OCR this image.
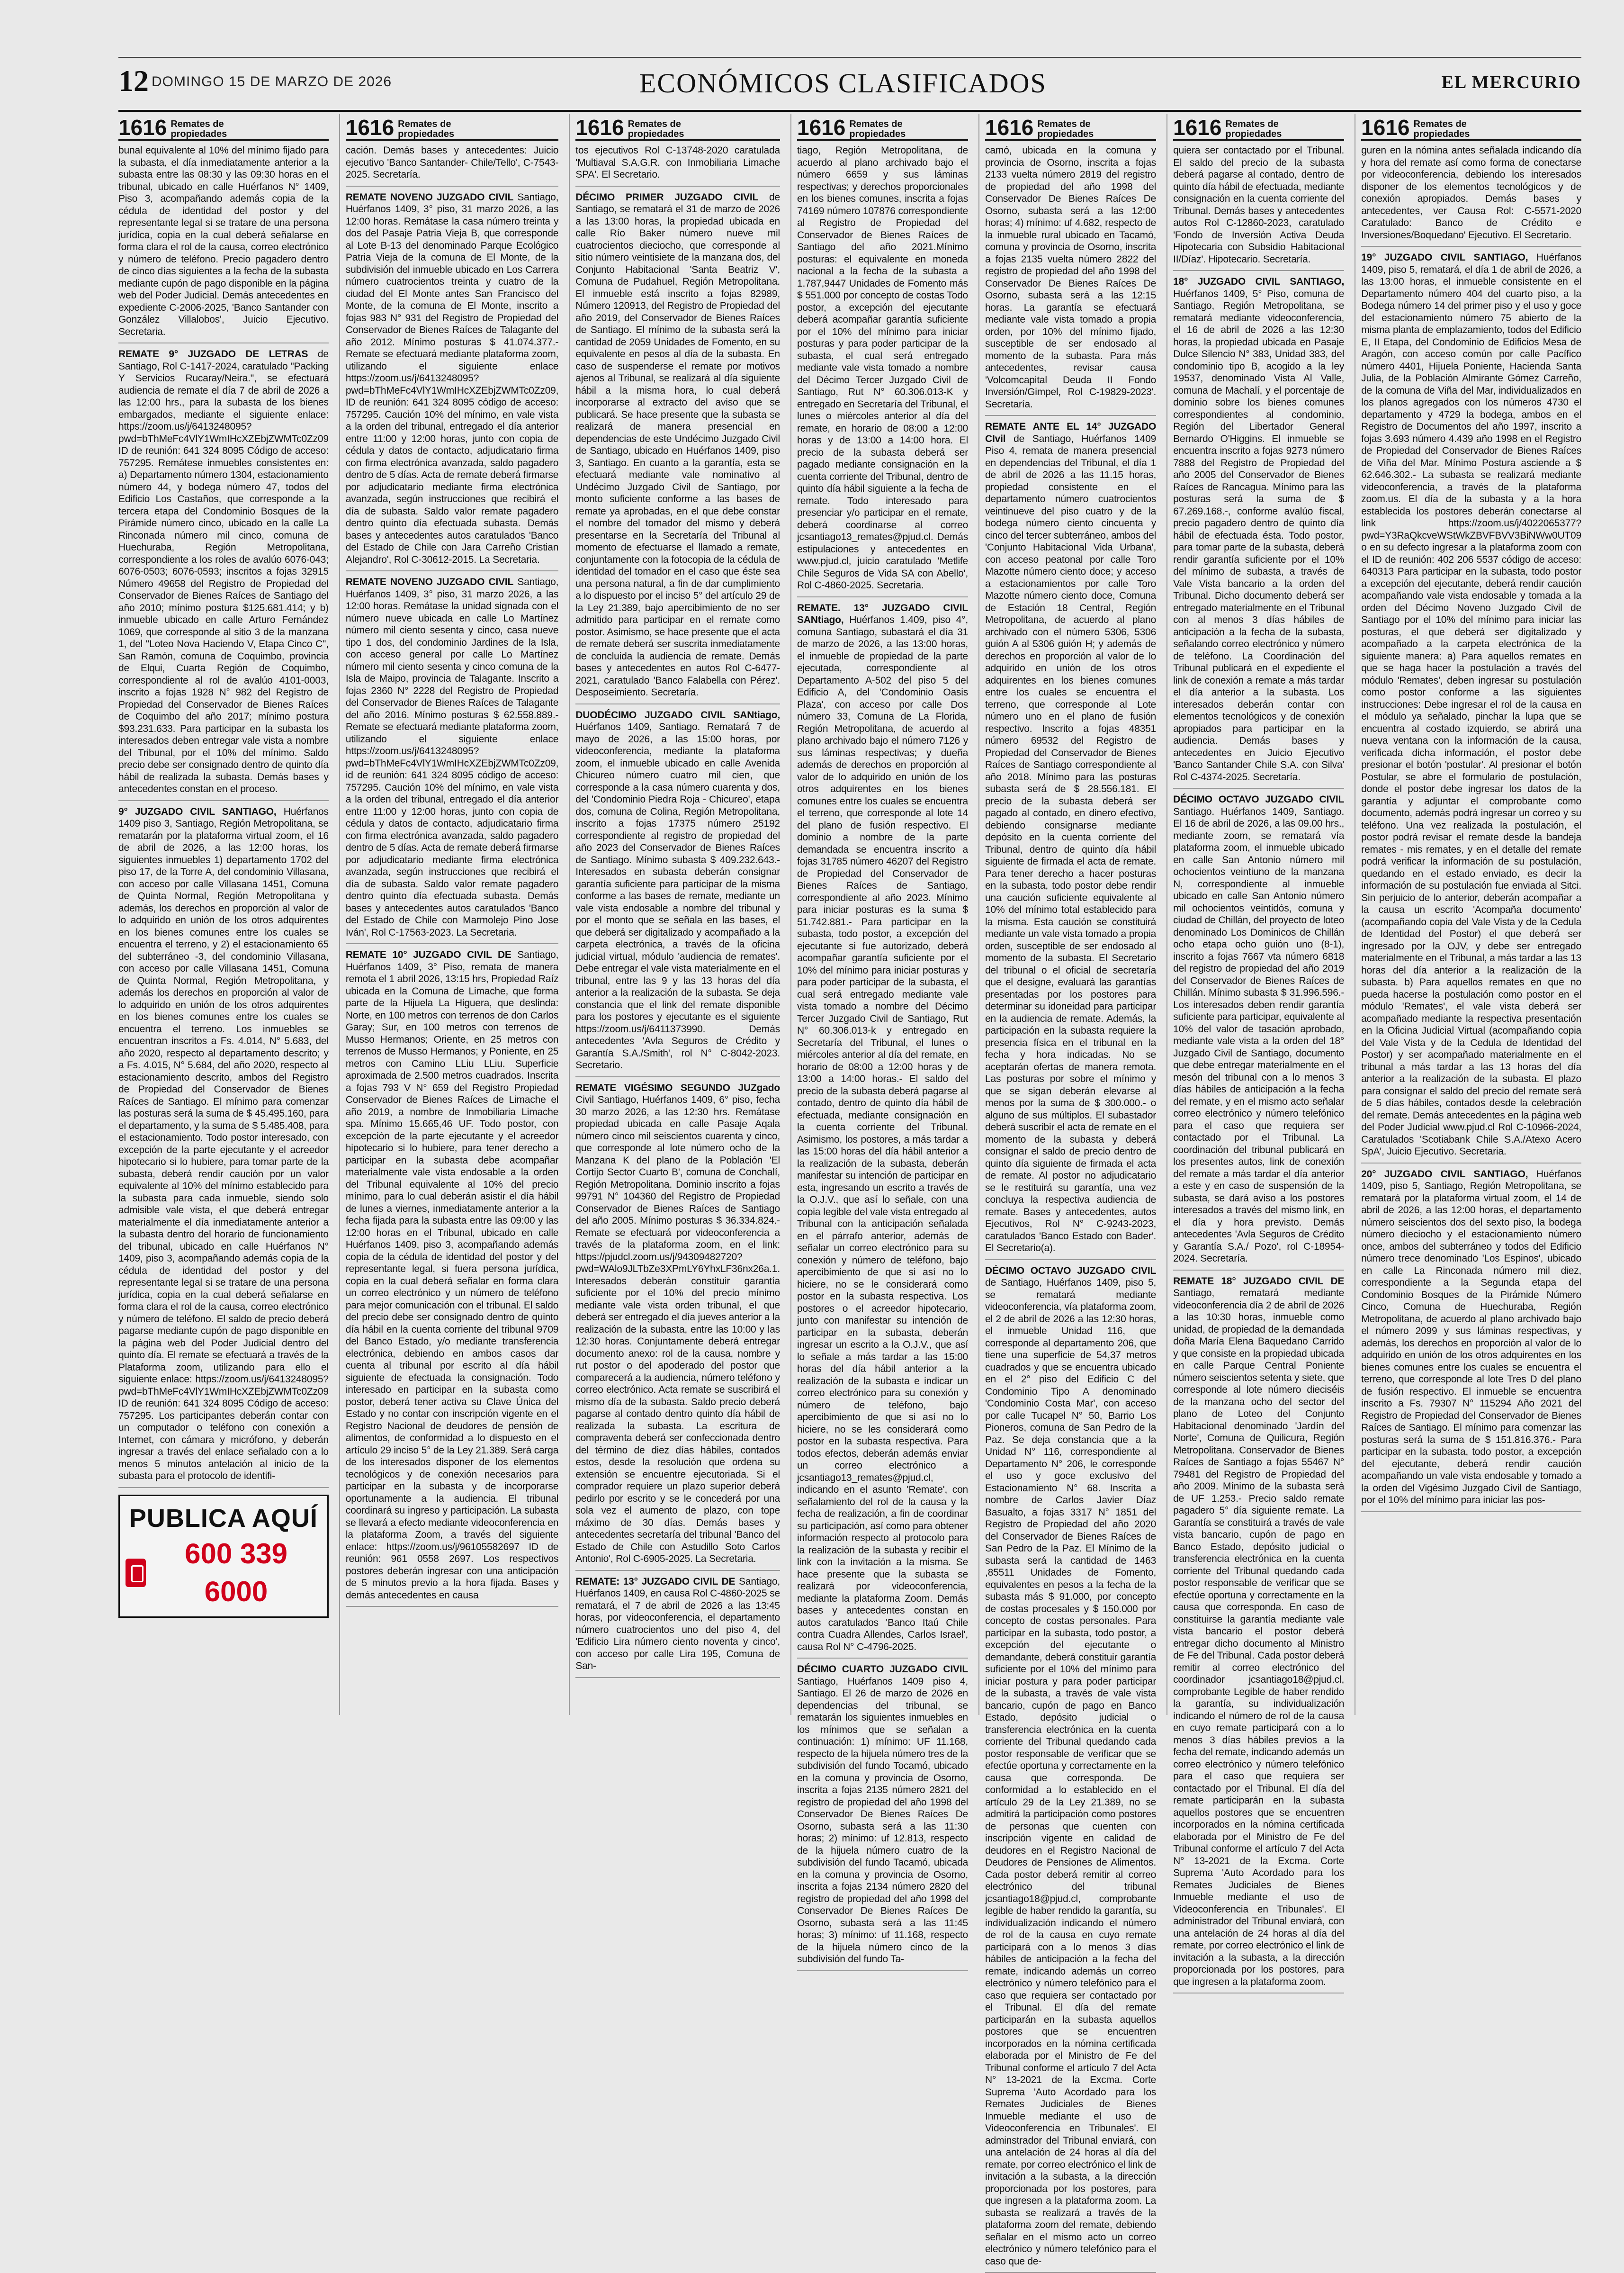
12 DOMINGO 15 DE MARZO DE 2026	ECONÓMICOS CLASIFICADOS	EL MERCURIO
1616 Remates de propiedades

bunal equivalente al 10% del mínimo fijado para la subasta, el día inmediatamente anterior a la subasta entre las 08:30 y las 09:30 horas en el tribunal, ubicado en calle Huérfanos N° 1409, Piso 3, acompañando además copia de la cédula de identidad del postor y del representante legal si se tratare de una persona jurídica, copia en la cual deberá señalarse en forma clara el rol de la causa, correo electrónico y número de teléfono. Precio pagadero dentro de cinco días siguientes a la fecha de la subasta mediante cupón de pago disponible en la página web del Poder Judicial. Demás antecedentes en expediente C-2006-2025, 'Banco Santander con González Villalobos', Juicio Ejecutivo. Secretaria.

REMATE 9° JUZGADO DE LETRAS de Santiago, Rol C-1417-2024, caratulado "Packing Y Servicios Rucaray/Neira.", se efectuará audiencia de remate el día 7 de abril de 2026 a las 12:00 hrs., para la subasta de los bienes embargados, mediante el siguiente enlace: https://zoom.us/j/6413248095?pwd=bThMeFc4VlY1WmIHcXZEbjZWMTc0Zz09 ID de reunión: 641 324 8095 Código de acceso: 757295. Remátese inmuebles consistentes en: a) Departamento número 1304, estacionamiento número 44, y bodega número 47, todos del Edificio Los Castaños, que corresponde a la tercera etapa del Condominio Bosques de la Pirámide número cinco, ubicado en la calle La Rinconada número mil cinco, comuna de Huechuraba, Región Metropolitana, correspondiente a los roles de avalúo 6076-043; 6076-0503; 6076-0593; inscritos a fojas 32915 Número 49658 del Registro de Propiedad del Conservador de Bienes Raíces de Santiago del año 2010; mínimo postura $125.681.414; y b) inmueble ubicado en calle Arturo Fernández 1069, que corresponde al sitio 3 de la manzana 1, del "Loteo Nova Haciendo V, Etapa Cinco C", San Ramón, comuna de Coquimbo, provincia de Elqui, Cuarta Región de Coquimbo, correspondiente al rol de avalúo 4101-0003, inscrito a fojas 1928 N° 982 del Registro de Propiedad del Conservador de Bienes Raíces de Coquimbo del año 2017; mínimo postura $93.231.633. Para participar en la subasta los interesados deben entregar vale vista a nombre del Tribunal, por el 10% del mínimo. Saldo precio debe ser consignado dentro de quinto día hábil de realizada la subasta. Demás bases y antecedentes constan en el proceso.

9° JUZGADO CIVIL SANTIAGO, Huérfanos 1409 piso 3, Santiago, Región Metropolitana, se rematarán por la plataforma virtual zoom, el 16 de abril de 2026, a las 12:00 horas, los siguientes inmuebles 1) departamento 1702 del piso 17, de la Torre A, del condominio Villasana, con acceso por calle Villasana 1451, Comuna de Quinta Normal, Región Metropolitana y además, los derechos en proporción al valor de lo adquirido en unión de los otros adquirentes en los bienes comunes entre los cuales se encuentra el terreno, y 2) el estacionamiento 65 del subterráneo -3, del condominio Villasana, con acceso por calle Villasana 1451, Comuna de Quinta Normal, Región Metropolitana, y además los derechos en proporción al valor de lo adquirido en unión de los otros adquirentes en los bienes comunes entre los cuales se encuentra el terreno. Los inmuebles se encuentran inscritos a Fs. 4.014, N° 5.683, del año 2020, respecto al departamento descrito; y a Fs. 4.015, N° 5.684, del año 2020, respecto al estacionamiento descrito, ambos del Registro de Propiedad del Conservador de Bienes Raíces de Santiago. El mínimo para comenzar las posturas será la suma de $ 45.495.160, para el departamento, y la suma de $ 5.485.408, para el estacionamiento. Todo postor interesado, con excepción de la parte ejecutante y el acreedor hipotecario si lo hubiere, para tomar parte de la subasta, deberá rendir caución por un valor equivalente al 10% del mínimo establecido para la subasta para cada inmueble, siendo solo admisible vale vista, el que deberá entregar materialmente el día inmediatamente anterior a la subasta dentro del horario de funcionamiento del tribunal, ubicado en calle Huérfanos N° 1409, piso 3, acompañando además copia de la cédula de identidad del postor y del representante legal si se tratare de una persona jurídica, copia en la cual deberá señalarse en forma clara el rol de la causa, correo electrónico y número de teléfono. El saldo de precio deberá pagarse mediante cupón de pago disponible en la página web del Poder Judicial dentro del quinto día. El remate se efectuará a través de la Plataforma zoom, utilizando para ello el siguiente enlace: https://zoom.us/j/6413248095?pwd=bThMeFc4VlY1WmIHcXZEbjZWMTc0Zz09 ID de reunión: 641 324 8095 Código de acceso: 757295. Los participantes deberán contar con un computador o teléfono con conexión a Internet, con cámara y micrófono, y deberán ingresar a través del enlace señalado con a lo menos 5 minutos antelación al inicio de la subasta para el protocolo de identifi-

PUBLICA AQUÍ
600 339 6000
1616 Remates de propiedades

cación. Demás bases y antecedentes: Juicio ejecutivo 'Banco Santander- Chile/Tello', C-7543-2025. Secretaría.

REMATE NOVENO JUZGADO CIVIL Santiago, Huérfanos 1409, 3° piso, 31 marzo 2026, a las 12:00 horas. Remátase la casa número treinta y dos del Pasaje Patria Vieja B, que corresponde al Lote B-13 del denominado Parque Ecológico Patria Vieja de la comuna de El Monte, de la subdivisión del inmueble ubicado en Los Carrera número cuatrocientos treinta y cuatro de la ciudad del El Monte antes San Francisco del Monte, de la comuna de El Monte, inscrito a fojas 983 N° 931 del Registro de Propiedad del Conservador de Bienes Raíces de Talagante del año 2012. Mínimo posturas $ 41.074.377.- Remate se efectuará mediante plataforma zoom, utilizando el siguiente enlace https://zoom.us/j/6413248095?pwd=bThMeFc4VlY1WmIHcXZEbjZWMTc0Zz09, ID de reunión: 641 324 8095 código de acceso: 757295. Caución 10% del mínimo, en vale vista a la orden del tribunal, entregado el día anterior entre 11:00 y 12:00 horas, junto con copia de cédula y datos de contacto, adjudicatario firma con firma electrónica avanzada, saldo pagadero dentro de 5 días. Acta de remate deberá firmarse por adjudicatario mediante firma electrónica avanzada, según instrucciones que recibirá el día de subasta. Saldo valor remate pagadero dentro quinto día efectuada subasta. Demás bases y antecedentes autos caratulados 'Banco del Estado de Chile con Jara Carreño Cristian Alejandro', Rol C-30612-2015. La Secretaria.

REMATE NOVENO JUZGADO CIVIL Santiago, Huérfanos 1409, 3° piso, 31 marzo 2026, a las 12:00 horas. Remátase la unidad signada con el número nueve ubicada en calle Lo Martínez número mil ciento sesenta y cinco, casa nueve tipo 1 dos, del condominio Jardines de la Isla, con acceso general por calle Lo Martínez número mil ciento sesenta y cinco comuna de la Isla de Maipo, provincia de Talagante. Inscrito a fojas 2360 N° 2228 del Registro de Propiedad del Conservador de Bienes Raíces de Talagante del año 2016. Mínimo posturas $ 62.558.889.- Remate se efectuará mediante plataforma zoom, utilizando el siguiente enlace https://zoom.us/j/6413248095?pwd=bThMeFc4VlY1WmIHcXZEbjZWMTc0Zz09, id de reunión: 641 324 8095 código de acceso: 757295. Caución 10% del mínimo, en vale vista a la orden del tribunal, entregado el día anterior entre 11:00 y 12:00 horas, junto con copia de cédula y datos de contacto, adjudicatario firma con firma electrónica avanzada, saldo pagadero dentro de 5 días. Acta de remate deberá firmarse por adjudicatario mediante firma electrónica avanzada, según instrucciones que recibirá el día de subasta. Saldo valor remate pagadero dentro quinto día efectuada subasta. Demás bases y antecedentes autos caratulados 'Banco del Estado de Chile con Marmolejo Pino Jose Iván', Rol C-17563-2023. La Secretaria.

REMATE 10° JUZGADO CIVIL DE Santiago, Huérfanos 1409, 3° Piso, remata de manera remota el 1 abril 2026, 13:15 hrs, Propiedad Raíz ubicada en la Comuna de Limache, que forma parte de la Hijuela La Higuera, que deslinda: Norte, en 100 metros con terrenos de don Carlos Garay; Sur, en 100 metros con terrenos de Musso Hermanos; Oriente, en 25 metros con terrenos de Musso Hermanos; y Poniente, en 25 metros con Camino LLiu LLiu. Superficie aproximada de 2.500 metros cuadrados. Inscrita a fojas 793 V N° 659 del Registro Propiedad Conservador de Bienes Raíces de Limache el año 2019, a nombre de Inmobiliaria Limache spa. Mínimo 15.665,46 UF. Todo postor, con excepción de la parte ejecutante y el acreedor hipotecario si lo hubiere, para tener derecho a participar en la subasta debe acompañar materialmente vale vista endosable a la orden del Tribunal equivalente al 10% del precio mínimo, para lo cual deberán asistir el día hábil de lunes a viernes, inmediatamente anterior a la fecha fijada para la subasta entre las 09:00 y las 12:00 horas en el Tribunal, ubicado en calle Huérfanos 1409, piso 3, acompañando además copia de la cédula de identidad del postor y del representante legal, si fuera persona jurídica, copia en la cual deberá señalar en forma clara un correo electrónico y un número de teléfono para mejor comunicación con el tribunal. El saldo del precio debe ser consignado dentro de quinto día hábil en la cuenta corriente del tribunal 9709 del Banco Estado, y/o mediante transferencia electrónica, debiendo en ambos casos dar cuenta al tribunal por escrito al día hábil siguiente de efectuada la consignación. Todo interesado en participar en la subasta como postor, deberá tener activa su Clave Única del Estado y no contar con inscripción vigente en el Registro Nacional de deudores de pensión de alimentos, de conformidad a lo dispuesto en el artículo 29 inciso 5° de la Ley 21.389. Será carga de los interesados disponer de los elementos tecnológicos y de conexión necesarios para participar en la subasta y de incorporarse oportunamente a la audiencia. El tribunal coordinará su ingreso y participación. La subasta se llevará a efecto mediante videoconferencia en la plataforma Zoom, a través del siguiente enlace: https://zoom.us/j/96105582697 ID de reunión: 961 0558 2697. Los respectivos postores deberán ingresar con una anticipación de 5 minutos previo a la hora fijada. Bases y demás antecedentes en causa

1616 Remates de propiedades

tos ejecutivos Rol C-13748-2020 caratulada 'Multiaval S.A.G.R. con Inmobiliaria Limache SPA'. El Secretario.

DÉCIMO PRIMER JUZGADO CIVIL de Santiago, se rematará el 31 de marzo de 2026 a las 13:00 horas, la propiedad ubicada en calle Río Baker número nueve mil cuatrocientos dieciocho, que corresponde al sitio número veintisiete de la manzana dos, del Conjunto Habitacional 'Santa Beatriz V', Comuna de Pudahuel, Región Metropolitana. El inmueble está inscrito a fojas 82989, Número 120913, del Registro de Propiedad del año 2019, del Conservador de Bienes Raíces de Santiago. El mínimo de la subasta será la cantidad de 2059 Unidades de Fomento, en su equivalente en pesos al día de la subasta. En caso de suspenderse el remate por motivos ajenos al Tribunal, se realizará al día siguiente hábil a la misma hora, lo cual deberá incorporarse al extracto del aviso que se publicará. Se hace presente que la subasta se realizará de manera presencial en dependencias de este Undécimo Juzgado Civil de Santiago, ubicado en Huérfanos 1409, piso 3, Santiago. En cuanto a la garantía, esta se efectuará mediante vale nominativo al Undécimo Juzgado Civil de Santiago, por monto suficiente conforme a las bases de remate ya aprobadas, en el que debe constar el nombre del tomador del mismo y deberá presentarse en la Secretaría del Tribunal al momento de efectuarse el llamado a remate, conjuntamente con la fotocopia de la cédula de identidad del tomador en el caso que éste sea una persona natural, a fin de dar cumplimiento a lo dispuesto por el inciso 5° del artículo 29 de la Ley 21.389, bajo apercibimiento de no ser admitido para participar en el remate como postor. Asimismo, se hace presente que el acta de remate deberá ser suscrita inmediatamente de concluida la audiencia de remate. Demás bases y antecedentes en autos Rol C-6477- 2021, caratulado 'Banco Falabella con Pérez'. Desposeimiento. Secretaría.

DUODÉCIMO JUZGADO CIVIL SANtiago, Huérfanos 1409, Santiago. Rematará 7 de mayo de 2026, a las 15:00 horas, por videoconferencia, mediante la plataforma zoom, el inmueble ubicado en calle Avenida Chicureo número cuatro mil cien, que corresponde a la casa número cuarenta y dos, del 'Condominio Piedra Roja - Chicureo', etapa dos, comuna de Colina, Región Metropolitana, inscrito a fojas 17375 número 25192 correspondiente al registro de propiedad del año 2023 del Conservador de Bienes Raíces de Santiago. Mínimo subasta $ 409.232.643.- Interesados en subasta deberán consignar garantía suficiente para participar de la misma conforme a las bases de remate, mediante un vale vista endosable a nombre del tribunal y por el monto que se señala en las bases, el que deberá ser digitalizado y acompañado a la carpeta electrónica, a través de la oficina judicial virtual, módulo 'audiencia de remates'. Debe entregar el vale vista materialmente en el tribunal, entre las 9 y las 13 horas del día anterior a la realización de la subasta. Se deja constancia que el link del remate disponible para los postores y ejecutante es el siguiente https://zoom.us/j/6411373990. Demás antecedentes 'Avla Seguros de Crédito y Garantía S.A./Smith', rol N° C-8042-2023. Secretario.

REMATE VIGÉSIMO SEGUNDO JUZgado Civil Santiago, Huérfanos 1409, 6° piso, fecha 30 marzo 2026, a las 12:30 hrs. Remátase propiedad ubicada en calle Pasaje Aqala número cinco mil seiscientos cuarenta y cinco, que corresponde al lote número ocho de la Manzana K del plano de la Población 'El Cortijo Sector Cuarto B', comuna de Conchalí, Región Metropolitana. Dominio inscrito a fojas 99791 N° 104360 del Registro de Propiedad Conservador de Bienes Raíces de Santiago del año 2005. Mínimo posturas $ 36.334.824.- Remate se efectuará por videoconferencia a través de la plataforma zoom, en el link: https://pjudcl.zoom.us/j/94309482720?pwd=WAlo9JLTbZe3XPmLY6YhxLF36nx26a.1. Interesados deberán constituir garantía suficiente por el 10% del precio mínimo mediante vale vista orden tribunal, el que deberá ser entregado el día jueves anterior a la realización de la subasta, entre las 10:00 y las 12:30 horas. Conjuntamente deberá entregar documento anexo: rol de la causa, nombre y rut postor o del apoderado del postor que comparecerá a la audiencia, número teléfono y correo electrónico. Acta remate se suscribirá el mismo día de la subasta. Saldo precio deberá pagarse al contado dentro quinto día hábil de realizada la subasta. La escritura de compraventa deberá ser confeccionada dentro del término de diez días hábiles, contados estos, desde la resolución que ordena su extensión se encuentre ejecutoriada. Si el comprador requiere un plazo superior deberá pedirlo por escrito y se le concederá por una sola vez el aumento de plazo, con tope máximo de 30 días. Demás bases y antecedentes secretaría del tribunal 'Banco del Estado de Chile con Astudillo Soto Carlos Antonio', Rol C-6905-2025. La Secretaria.

REMATE: 13° JUZGADO CIVIL DE Santiago, Huérfanos 1409, en causa Rol C-4860-2025 se rematará, el 7 de abril de 2026 a las 13:45 horas, por videoconferencia, el departamento número cuatrocientos uno del piso 4, del 'Edificio Lira número ciento noventa y cinco', con acceso por calle Lira 195, Comuna de San-

1616 Remates de propiedades

tiago, Región Metropolitana, de acuerdo al plano archivado bajo el número 6659 y sus láminas respectivas; y derechos proporcionales en los bienes comunes, inscrita a fojas 74169 número 107876 correspondiente al Registro de Propiedad del Conservador de Bienes Raíces de Santiago del año 2021.Mínimo posturas: el equivalente en moneda nacional a la fecha de la subasta a 1.787,9447 Unidades de Fomento más $ 551.000 por concepto de costas Todo postor, a excepción del ejecutante deberá acompañar garantía suficiente por el 10% del mínimo para iniciar posturas y para poder participar de la subasta, el cual será entregado mediante vale vista tomado a nombre del Décimo Tercer Juzgado Civil de Santiago, Rut N° 60.306.013-K y entregado en Secretaría del Tribunal, el lunes o miércoles anterior al día del remate, en horario de 08:00 a 12:00 horas y de 13:00 a 14:00 hora. El precio de la subasta deberá ser pagado mediante consignación en la cuenta corriente del Tribunal, dentro de quinto día hábil siguiente a la fecha de remate. Todo interesado para presenciar y/o participar en el remate, deberá coordinarse al correo jcsantiago13_remates@pjud.cl. Demás estipulaciones y antecedentes en www.pjud.cl, juicio caratulado 'Metlife Chile Seguros de Vida SA con Abello', Rol C-4860-2025. Secretaria.

REMATE. 13° JUZGADO CIVIL SANtiago, Huérfanos 1.409, piso 4°, comuna Santiago, subastará el día 31 de marzo de 2026, a las 13:00 horas, el inmueble de propiedad de la parte ejecutada, correspondiente al Departamento A-502 del piso 5 del Edificio A, del 'Condominio Oasis Plaza', con acceso por calle Dos número 33, Comuna de La Florida, Región Metropolitana, de acuerdo al plano archivado bajo el número 7126 y sus láminas respectivas; y dueña además de derechos en proporción al valor de lo adquirido en unión de los otros adquirentes en los bienes comunes entre los cuales se encuentra el terreno, que corresponde al lote 14 del plano de fusión respectivo. El dominio a nombre de la parte demandada se encuentra inscrito a fojas 31785 número 46207 del Registro de Propiedad del Conservador de Bienes Raíces de Santiago, correspondiente al año 2023. Mínimo para iniciar posturas es la suma $ 51.742.881.- Para participar en la subasta, todo postor, a excepción del ejecutante si fue autorizado, deberá acompañar garantía suficiente por el 10% del mínimo para iniciar posturas y para poder participar de la subasta, el cual será entregado mediante vale vista tomado a nombre del Décimo Tercer Juzgado Civil de Santiago, Rut N° 60.306.013-k y entregado en Secretaría del Tribunal, el lunes o miércoles anterior al día del remate, en horario de 08:00 a 12:00 horas y de 13:00 a 14:00 horas.- El saldo del precio de la subasta deberá pagarse al contado, dentro de quinto día hábil de efectuada, mediante consignación en la cuenta corriente del Tribunal. Asimismo, los postores, a más tardar a las 15:00 horas del día hábil anterior a la realización de la subasta, deberán manifestar su intención de participar en esta, ingresando un escrito a través de la O.J.V., que así lo señale, con una copia legible del vale vista entregado al Tribunal con la anticipación señalada en el párrafo anterior, además de señalar un correo electrónico para su conexión y número de teléfono, bajo apercibimiento de que si así no lo hiciere, no se le considerará como postor en la subasta respectiva. Los postores o el acreedor hipotecario, junto con manifestar su intención de participar en la subasta, deberán ingresar un escrito a la O.J.V., que así lo señale a más tardar a las 15:00 horas del día hábil anterior a la realización de la subasta e indicar un correo electrónico para su conexión y número de teléfono, bajo apercibimiento de que si así no lo hiciere, no se les considerará como postor en la subasta respectiva. Para todos efectos, deberán además enviar un correo electrónico a jcsantiago13_remates@pjud.cl, indicando en el asunto 'Remate', con señalamiento del rol de la causa y la fecha de realización, a fin de coordinar su participación, así como para obtener información respecto al protocolo para la realización de la subasta y recibir el link con la invitación a la misma. Se hace presente que la subasta se realizará por videoconferencia, mediante la plataforma Zoom. Demás bases y antecedentes constan en autos caratulados 'Banco Itaú Chile contra Cuadra Allendes, Carlos Israel', causa Rol N° C-4796-2025.

DÉCIMO CUARTO JUZGADO CIVIL Santiago, Huérfanos 1409 piso 4, Santiago. El 26 de marzo de 2026 en dependencias del tribunal, se rematarán los siguientes inmuebles en los mínimos que se señalan a continuación: 1) mínimo: UF 11.168, respecto de la hijuela número tres de la subdivisión del fundo Tocamó, ubicado en la comuna y provincia de Osorno, inscrita a fojas 2135 número 2821 del registro de propiedad del año 1998 del Conservador De Bienes Raíces De Osorno, subasta será a las 11:30 horas; 2) mínimo: uf 12.813, respecto de la hijuela número cuatro de la subdivisión del fundo Tacamó, ubicada en la comuna y provincia de Osorno, inscrita a fojas 2134 número 2820 del registro de propiedad del año 1998 del Conservador De Bienes Raíces De Osorno, subasta será a las 11:45 horas; 3) mínimo: uf 11.168, respecto de la hijuela número cinco de la subdivisión del fundo Ta-

1616 Remates de propiedades

camó, ubicada en la comuna y provincia de Osorno, inscrita a fojas 2133 vuelta número 2819 del registro de propiedad del año 1998 del Conservador De Bienes Raíces De Osorno, subasta será a las 12:00 horas; 4) mínimo: uf 4.682, respecto de la inmueble rural ubicado en Tacamó, comuna y provincia de Osorno, inscrita a fojas 2135 vuelta número 2822 del registro de propiedad del año 1998 del Conservador De Bienes Raíces De Osorno, subasta será a las 12:15 horas. La garantía se efectuará mediante vale vista tomado a propia orden, por 10% del mínimo fijado, susceptible de ser endosado al momento de la subasta. Para más antecedentes, revisar causa 'Volcomcapital Deuda II Fondo Inversión/Gimpel, Rol C-19829-2023'. Secretaría.

REMATE ANTE EL 14° JUZGADO CIvil de Santiago, Huérfanos 1409 Piso 4, remata de manera presencial en dependencias del Tribunal, el día 1 de abril de 2026 a las 11.15 horas, propiedad consistente en el departamento número cuatrocientos veintinueve del piso cuatro y de la bodega número ciento cincuenta y cinco del tercer subterráneo, ambos del 'Conjunto Habitacional Vida Urbana', con acceso peatonal por calle Toro Mazotte número ciento doce; y acceso a estacionamientos por calle Toro Mazotte número ciento doce, Comuna de Estación 18 Central, Región Metropolitana, de acuerdo al plano archivado con el número 5306, 5306 guión A al 5306 guión H; y además de derechos en proporción al valor de lo adquirido en unión de los otros adquirentes en los bienes comunes entre los cuales se encuentra el terreno, que corresponde al Lote número uno en el plano de fusión respectivo. Inscrito a fojas 48351 número 69532 del Registro de Propiedad del Conservador de Bienes Raíces de Santiago correspondiente al año 2018. Mínimo para las posturas subasta será de $ 28.556.181. El precio de la subasta deberá ser pagado al contado, en dinero efectivo, debiendo consignarse mediante depósito en la cuenta corriente del Tribunal, dentro de quinto día hábil siguiente de firmada el acta de remate. Para tener derecho a hacer posturas en la subasta, todo postor debe rendir una caución suficiente equivalente al 10% del mínimo total establecido para la misma. Esta caución se constituirá mediante un vale vista tomado a propia orden, susceptible de ser endosado al momento de la subasta. El Secretario del tribunal o el oficial de secretaría que el designe, evaluará las garantías presentadas por los postores para determinar su idoneidad para participar en la audiencia de remate. Además, la participación en la subasta requiere la presencia física en el tribunal en la fecha y hora indicadas. No se aceptarán ofertas de manera remota. Las posturas por sobre el mínimo y que se sigan deberán elevarse al menos por la suma de $ 300.000.- o alguno de sus múltiplos. El subastador deberá suscribir el acta de remate en el momento de la subasta y deberá consignar el saldo de precio dentro de quinto día siguiente de firmada el acta de remate. Al postor no adjudicatario se le restituirá su garantía, una vez concluya la respectiva audiencia de remate. Bases y antecedentes, autos Ejecutivos, Rol N° C-9243-2023, caratulados 'Banco Estado con Bader'. El Secretario(a).

DÉCIMO OCTAVO JUZGADO CIVIL de Santiago, Huérfanos 1409, piso 5, se rematará mediante videoconferencia, vía plataforma zoom, el 2 de abril de 2026 a las 12:30 horas, el inmueble Unidad 116, que corresponde al departamento 206, que tiene una superficie de 54,37 metros cuadrados y que se encuentra ubicado en el 2° piso del Edificio C del Condominio Tipo A denominado 'Condominio Costa Mar', con acceso por calle Tucapel N° 50, Barrio Los Pioneros, comuna de San Pedro de la Paz. Se deja constancia que a la Unidad N° 116, correspondiente al Departamento N° 206, le corresponde el uso y goce exclusivo del Estacionamiento N° 68. Inscrita a nombre de Carlos Javier Díaz Basualto, a fojas 3317 N° 1851 del Registro de Propiedad del año 2020 del Conservador de Bienes Raíces de San Pedro de la Paz. El Mínimo de la subasta será la cantidad de 1463 ,85511 Unidades de Fomento, equivalentes en pesos a la fecha de la subasta más $ 91.000, por concepto de costas procesales y $ 150.000 por concepto de costas personales. Para participar en la subasta, todo postor, a excepción del ejecutante o demandante, deberá constituir garantía suficiente por el 10% del mínimo para iniciar postura y para poder participar de la subasta, a través de vale vista bancario, cupón de pago en Banco Estado, depósito judicial o transferencia electrónica en la cuenta corriente del Tribunal quedando cada postor responsable de verificar que se efectúe oportuna y correctamente en la causa que corresponda. De conformidad a lo establecido en el artículo 29 de la Ley 21.389, no se admitirá la participación como postores de personas que cuenten con inscripción vigente en calidad de deudores en el Registro Nacional de Deudores de Pensiones de Alimentos. Cada postor deberá remitir al correo electrónico del tribunal jcsantiago18@pjud.cl, comprobante legible de haber rendido la garantía, su individualización indicando el número de rol de la causa en cuyo remate participará con a lo menos 3 días hábiles de anticipación a la fecha del remate, indicando además un correo electrónico y número telefónico para el caso que requiera ser contactado por el Tribunal. El día del remate participarán en la subasta aquellos postores que se encuentren incorporados en la nómina certificada elaborada por el Ministro de Fe del Tribunal conforme el artículo 7 del Acta N° 13-2021 de la Excma. Corte Suprema 'Auto Acordado para los Remates Judiciales de Bienes Inmueble mediante el uso de Videoconferencia en Tribunales'. El adminstrador del Tribunal enviará, con una antelación de 24 horas al día del remate, por correo electrónico el link de invitación a la subasta, a la dirección proporcionada por los postores, para que ingresen a la plataforma zoom. La subasta se realizará a través de la plataforma zoom del remate, debiendo señalar en el mismo acto un correo electrónico y número telefónico para el caso que de-

1616 Remates de propiedades

quiera ser contactado por el Tribunal. El saldo del precio de la subasta deberá pagarse al contado, dentro de quinto día hábil de efectuada, mediante consignación en la cuenta corriente del Tribunal. Demás bases y antecedentes autos Rol C-12860-2023, caratulado 'Fondo de Inversión Activa Deuda Hipotecaria con Subsidio Habitacional II/Díaz'. Hipotecario. Secretaría.

18° JUZGADO CIVIL SANTIAGO, Huérfanos 1409, 5° Piso, comuna de Santiago, Región Metropolitana, se rematará mediante videoconferencia, el 16 de abril de 2026 a las 12:30 horas, la propiedad ubicada en Pasaje Dulce Silencio N° 383, Unidad 383, del condominio tipo B, acogido a la ley 19537, denominado Vista Al Valle, comuna de Machalí, y el porcentaje de dominio sobre los bienes comunes correspondientes al condominio, Región del Libertador General Bernardo O'Higgins. El inmueble se encuentra inscrito a fojas 9273 número 7888 del Registro de Propiedad del año 2005 del Conservador de Bienes Raíces de Rancagua. Mínimo para las posturas será la suma de $ 67.269.168.-, conforme avalúo fiscal, precio pagadero dentro de quinto día hábil de efectuada ésta. Todo postor, para tomar parte de la subasta, deberá rendir garantía suficiente por el 10% del mínimo de subasta, a través de Vale Vista bancario a la orden del Tribunal. Dicho documento deberá ser entregado materialmente en el Tribunal con al menos 3 días hábiles de anticipación a la fecha de la subasta, señalando correo electrónico y número de teléfono. La Coordinación del Tribunal publicará en el expediente el link de conexión a remate a más tardar el día anterior a la subasta. Los interesados deberán contar con elementos tecnológicos y de conexión apropiados para participar en la audiencia. Demás bases y antecedentes en Juicio Ejecutivo 'Banco Santander Chile S.A. con Silva' Rol C-4374-2025. Secretaría.

DÉCIMO OCTAVO JUZGADO CIVIL Santiago. Huérfanos 1409, Santiago. El 16 de abril de 2026, a las 09.00 hrs., mediante zoom, se rematará vía plataforma zoom, el inmueble ubicado en calle San Antonio número mil ochocientos veintiuno de la manzana N, correspondiente al inmueble ubicado en calle San Antonio número mil ochocientos veintidós, comuna y ciudad de Chillán, del proyecto de loteo denominado Los Dominicos de Chillán ocho etapa ocho guión uno (8-1), inscrito a fojas 7667 vta número 6818 del registro de propiedad del año 2019 del Conservador de Bienes Raíces de Chillán. Mínimo subasta $ 31.996.596.-Los interesados deben rendir garantía suficiente para participar, equivalente al 10% del valor de tasación aprobado, mediante vale vista a la orden del 18° Juzgado Civil de Santiago, documento que debe entregar materialmente en el mesón del tribunal con a lo menos 3 días hábiles de anticipación a la fecha del remate, y en el mismo acto señalar correo electrónico y número telefónico para el caso que requiera ser contactado por el Tribunal. La coordinación del tribunal publicará en los presentes autos, link de conexión del remate a más tardar el día anterior a este y en caso de suspensión de la subasta, se dará aviso a los postores interesados a través del mismo link, en el día y hora previsto. Demás antecedentes 'Avla Seguros de Crédito y Garantía S.A./ Pozo', rol C-18954-2024. Secretaría.

REMATE 18° JUZGADO CIVIL DE Santiago, rematará mediante videoconferencia día 2 de abril de 2026 a las 10:30 horas, inmueble como unidad, de propiedad de la demandada doña María Elena Baquedano Carrido y que consiste en la propiedad ubicada en calle Parque Central Poniente número seiscientos setenta y siete, que corresponde al lote número dieciséis de la manzana ocho del sector del plano de Loteo del Conjunto Habitacional denominado 'Jardín del Norte', Comuna de Quilicura, Región Metropolitana. Conservador de Bienes Raíces de Santiago a fojas 55467 N° 79481 del Registro de Propiedad del año 2009. Mínimo de la subasta será de UF 1.253.- Precio saldo remate pagadero 5° día siguiente remate. La Garantía se constituirá a través de vale vista bancario, cupón de pago en Banco Estado, depósito judicial o transferencia electrónica en la cuenta corriente del Tribunal quedando cada postor responsable de verificar que se efectúe oportuna y correctamente en la causa que corresponda. En caso de constituirse la garantía mediante vale vista bancario el postor deberá entregar dicho documento al Ministro de Fe del Tribunal. Cada postor deberá remitir al correo electrónico del coordinador jcsantiago18@pjud.cl, comprobante Legible de haber rendido la garantía, su individualización indicando el número de rol de la causa en cuyo remate participará con a lo menos 3 días hábiles previos a la fecha del remate, indicando además un correo electrónico y número telefónico para el caso que requiera ser contactado por el Tribunal. El día del remate participarán en la subasta aquellos postores que se encuentren incorporados en la nómina certificada elaborada por el Ministro de Fe del Tribunal conforme el artículo 7 del Acta N° 13-2021 de la Excma. Corte Suprema 'Auto Acordado para los Remates Judiciales de Bienes Inmueble mediante el uso de Videoconferencia en Tribunales'. El administrador del Tribunal enviará, con una antelación de 24 horas al día del remate, por correo electrónico el link de invitación a la subasta, a la dirección proporcionada por los postores, para que ingresen a la plataforma zoom.

1616 Remates de propiedades

guren en la nómina antes señalada indicando día y hora del remate así como forma de conectarse por videoconferencia, debiendo los interesados disponer de los elementos tecnológicos y de conexión apropiados. Demás bases y antecedentes, ver Causa Rol: C-5571-2020 Caratulado: Banco de Crédito e Inversiones/Boquedano' Ejecutivo. El Secretario.

19° JUZGADO CIVIL SANTIAGO, Huérfanos 1409, piso 5, rematará, el día 1 de abril de 2026, a las 13:00 horas, el inmueble consistente en el Departamento número 404 del cuarto piso, a la Bodega número 14 del primer piso y el uso y goce del estacionamiento número 75 abierto de la misma planta de emplazamiento, todos del Edificio E, II Etapa, del Condominio de Edificios Mesa de Aragón, con acceso común por calle Pacífico número 4401, Hijuela Poniente, Hacienda Santa Julia, de la Población Almirante Gómez Carreño, de la comuna de Viña del Mar, individualizados en los planos agregados con los números 4730 el departamento y 4729 la bodega, ambos en el Registro de Documentos del año 1997, inscrito a fojas 3.693 número 4.439 año 1998 en el Registro de Propiedad del Conservador de Bienes Raíces de Viña del Mar. Mínimo Postura asciende a $ 62.646.302.- La subasta se realizará mediante videoconferencia, a través de la plataforma zoom.us. El día de la subasta y a la hora establecida los postores deberán conectarse al link https://zoom.us/j/4022065377?pwd=Y3RaQkcveWStWkZBVFBVV3BiNWw0UT09 o en su defecto ingresar a la plataforma zoom con el ID de reunión: 402 206 5537 código de acceso: 640313 Para participar en la subasta, todo postor a excepción del ejecutante, deberá rendir caución acompañando vale vista endosable y tomada a la orden del Décimo Noveno Juzgado Civil de Santiago por el 10% del mínimo para iniciar las posturas, el que deberá ser digitalizado y acompañado a la carpeta electrónica de la siguiente manera: a) Para aquellos remates en que se haga hacer la postulación a través del módulo 'Remates', deben ingresar su postulación como postor conforme a las siguientes instrucciones: Debe ingresar el rol de la causa en el módulo ya señalado, pinchar la lupa que se encuentra al costado izquierdo, se abrirá una nueva ventana con la información de la causa, verificada dicha información, el postor debe presionar el botón 'postular'. Al presionar el botón Postular, se abre el formulario de postulación, donde el postor debe ingresar los datos de la garantía y adjuntar el comprobante como documento, además podrá ingresar un correo y su teléfono. Una vez realizada la postulación, el postor podrá revisar el remate desde la bandeja remates - mis remates, y en el detalle del remate podrá verificar la información de su postulación, quedando en el estado enviado, es decir la información de su postulación fue enviada al Sitci. Sin perjuicio de lo anterior, deberán acompañar a la causa un escrito 'Acompaña documento' (acompañando copia del Vale Vista y de la Cedula de Identidad del Postor) el que deberá ser ingresado por la OJV, y debe ser entregado materialmente en el Tribunal, a más tardar a las 13 horas del día anterior a la realización de la subasta. b) Para aquellos remates en que no pueda hacerse la postulación como postor en el módulo 'Remates', el vale vista deberá ser acompañado mediante la respectiva presentación en la Oficina Judicial Virtual (acompañando copia del Vale Vista y de la Cedula de Identidad del Postor) y ser acompañado materialmente en el tribunal a más tardar a las 13 horas del día anterior a la realización de la subasta. El plazo para consignar el saldo del precio del remate será de 5 días hábiles, contados desde la celebración del remate. Demás antecedentes en la página web del Poder Judicial www.pjud.cl Rol C-10966-2024, Caratulados 'Scotiabank Chile S.A./Atexo Acero SpA', Juicio Ejecutivo. Secretaria.

20° JUZGADO CIVIL SANTIAGO, Huérfanos 1409, piso 5, Santiago, Región Metropolitana, se rematará por la plataforma virtual zoom, el 14 de abril de 2026, a las 12:00 horas, el departamento número seiscientos dos del sexto piso, la bodega número dieciocho y el estacionamiento número once, ambos del subterráneo y todos del Edificio número trece denominado 'Los Espinos', ubicado en calle La Rinconada número mil diez, correspondiente a la Segunda etapa del Condominio Bosques de la Pirámide Número Cinco, Comuna de Huechuraba, Región Metropolitana, de acuerdo al plano archivado bajo el número 2099 y sus láminas respectivas, y además, los derechos en proporción al valor de lo adquirido en unión de los otros adquirentes en los bienes comunes entre los cuales se encuentra el terreno, que corresponde al lote Tres D del plano de fusión respectivo. El inmueble se encuentra inscrito a Fs. 79307 N° 115294 Año 2021 del Registro de Propiedad del Conservador de Bienes Raíces de Santiago. El mínimo para comenzar las posturas será la suma de $ 151.816.376.- Para participar en la subasta, todo postor, a excepción del ejecutante, deberá rendir caución acompañando un vale vista endosable y tomado a la orden del Vigésimo Juzgado Civil de Santiago, por el 10% del mínimo para iniciar las pos-
